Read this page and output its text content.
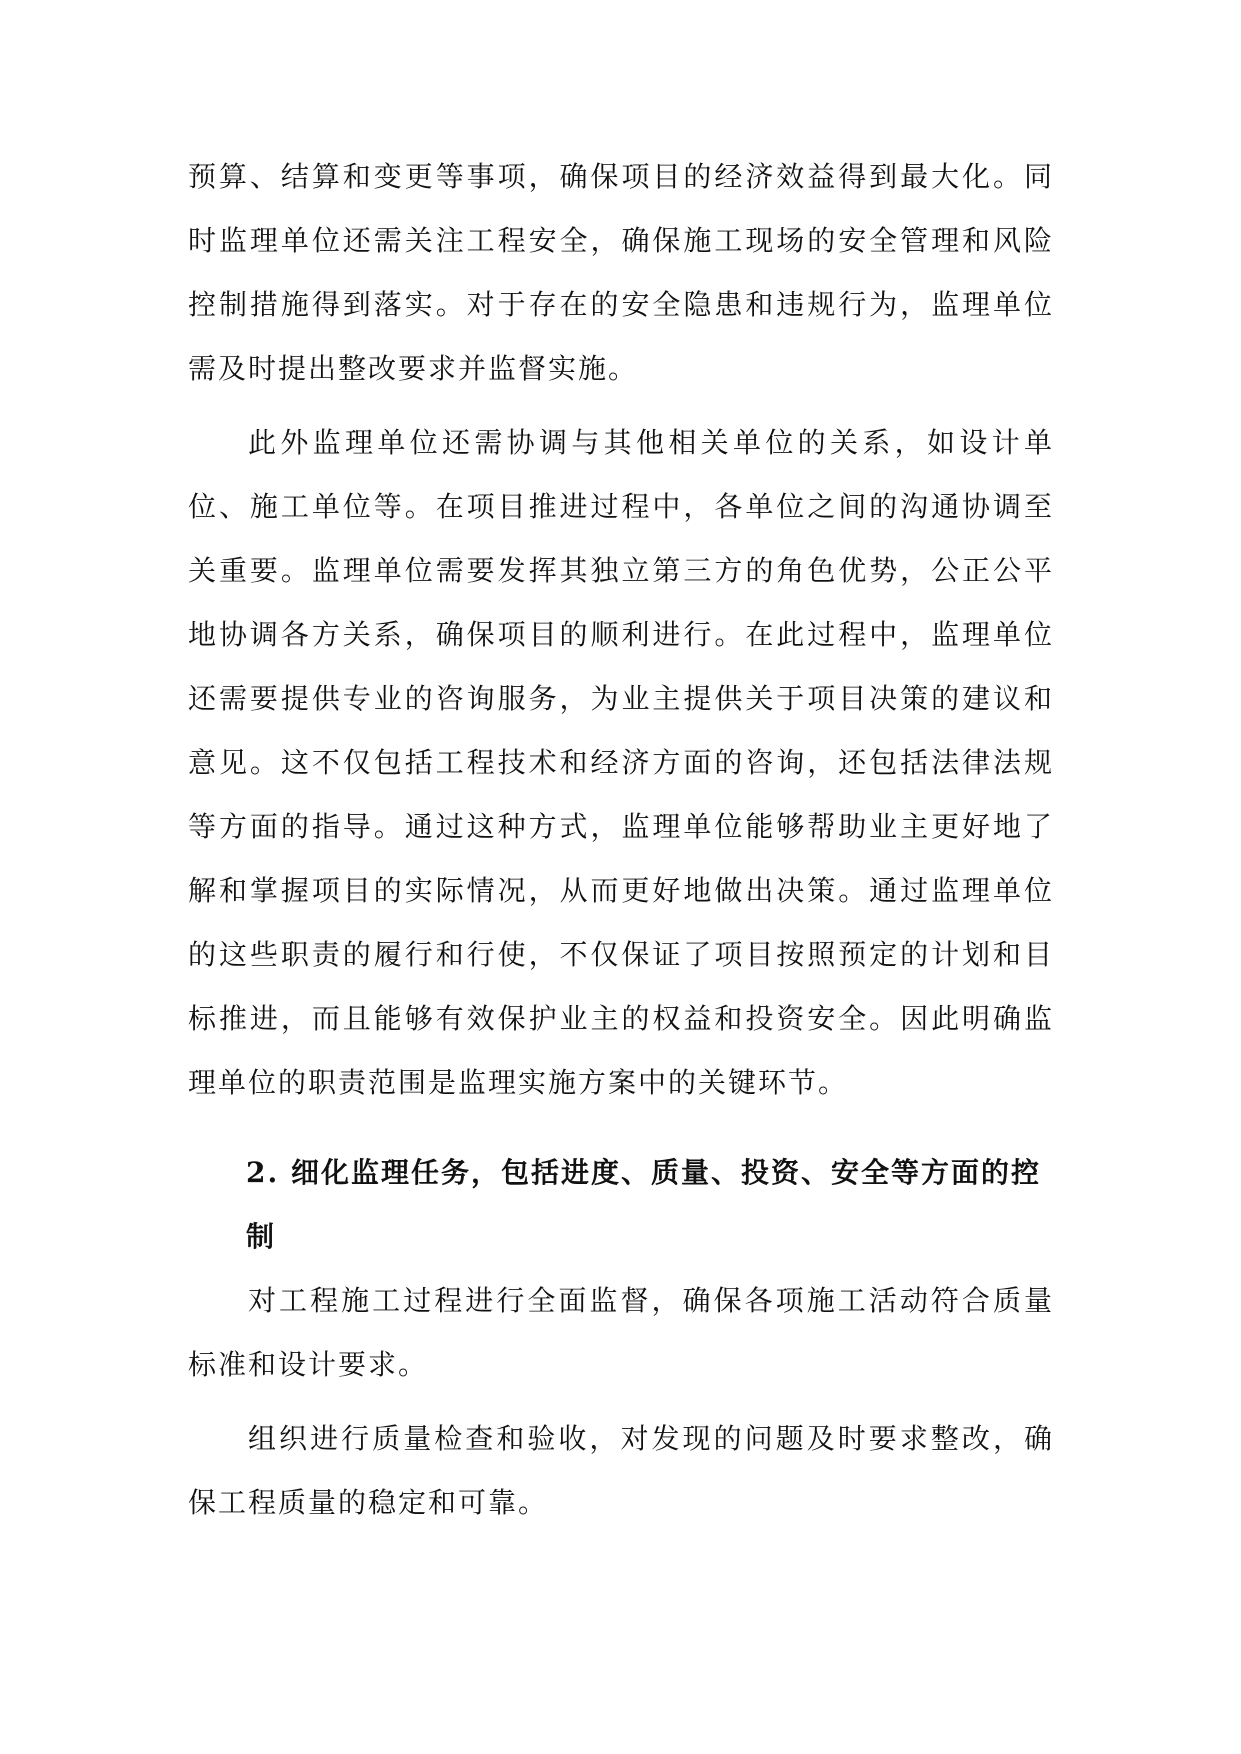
预算、结算和变更等事项，确保项目的经济效益得到最大化。同时监理单位还需关注工程安全，确保施工现场的安全管理和风险控制措施得到落实。对于存在的安全隐患和违规行为，监理单位需及时提出整改要求并监督实施。

此外监理单位还需协调与其他相关单位的关系，如设计单位、施工单位等。在项目推进过程中，各单位之间的沟通协调至关重要。监理单位需要发挥其独立第三方的角色优势，公正公平地协调各方关系，确保项目的顺利进行。在此过程中，监理单位还需要提供专业的咨询服务，为业主提供关于项目决策的建议和意见。这不仅包括工程技术和经济方面的咨询，还包括法律法规等方面的指导。通过这种方式，监理单位能够帮助业主更好地了解和掌握项目的实际情况，从而更好地做出决策。通过监理单位的这些职责的履行和行使，不仅保证了项目按照预定的计划和目标推进，而且能够有效保护业主的权益和投资安全。因此明确监理单位的职责范围是监理实施方案中的关键环节。

2. 细化监理任务，包括进度、质量、投资、安全等方面的控制

对工程施工过程进行全面监督，确保各项施工活动符合质量标准和设计要求。

组织进行质量检查和验收，对发现的问题及时要求整改，确保工程质量的稳定和可靠。
